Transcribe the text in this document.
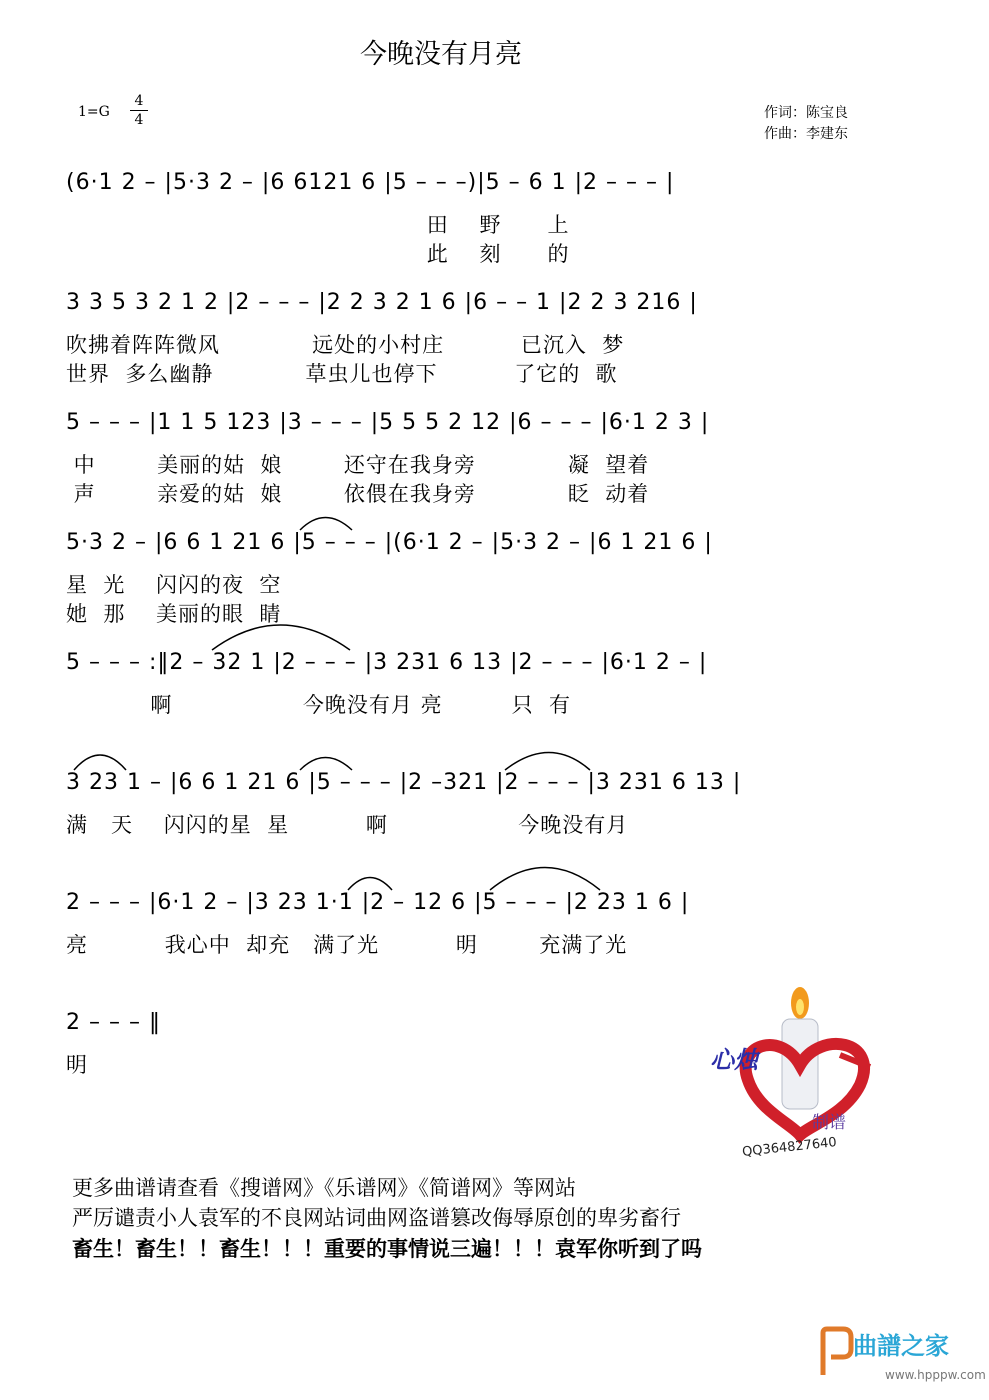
今晚没有月亮
$1=G \frac{4}{4}$	作词：陈宝良
作曲：李建东
(6·1 2 – |5·3 2 – |6 6121 6 |5 – – –)|5 – 6 1 |2 – – – |
田    野      上
此    刻      的
3 3 5 3 2 1 2 |2 – – – |2 2 3 2 1 6 |6 – – 1 |2 2 3 216 |
吹拂着阵阵微风            远处的小村庄          已沉入  梦
世界  多么幽静            草虫儿也停下          了它的  歌
5 – – – |1 1 5 123 |3 – – – |5 5 5 2 12 |6 – – – |6·1 2 3 |
中        美丽的姑  娘        还守在我身旁            凝  望着
声        亲爱的姑  娘        依偎在我身旁            眨  动着
5·3 2 – |6 6 1 21 6 |5 – – – |(6·1 2 – |5·3 2 – |6 1 21 6 |
星  光    闪闪的夜  空
她  那    美丽的眼  睛
5 – – – :‖2 – 32 1 |2 – – – |3 231 6 13 |2 – – – |6·1 2 – |
啊                 今晚没有月 亮         只  有
3 23 1 – |6 6 1 21 6 |5 – – – |2 –321 |2 – – – |3 231 6 13 |
满   天    闪闪的星  星          啊                 今晚没有月
2 – – – |6·1 2 – |3 23 1·1 |2 – 12 6 |5 – – – |2 23 1 6 |
亮          我心中  却充   满了光          明        充满了光
2 – – – ‖
明	心烛
制谱
QQ364827640
更多曲谱请查看《搜谱网》《乐谱网》《简谱网》等网站
严厉谴责小人袁军的不良网站词曲网盗谱篡改侮辱原创的卑劣畜行
畜生！畜生！！畜生！！！重要的事情说三遍！！！袁军你听到了吗
曲譜之家
www.hpppw.com
